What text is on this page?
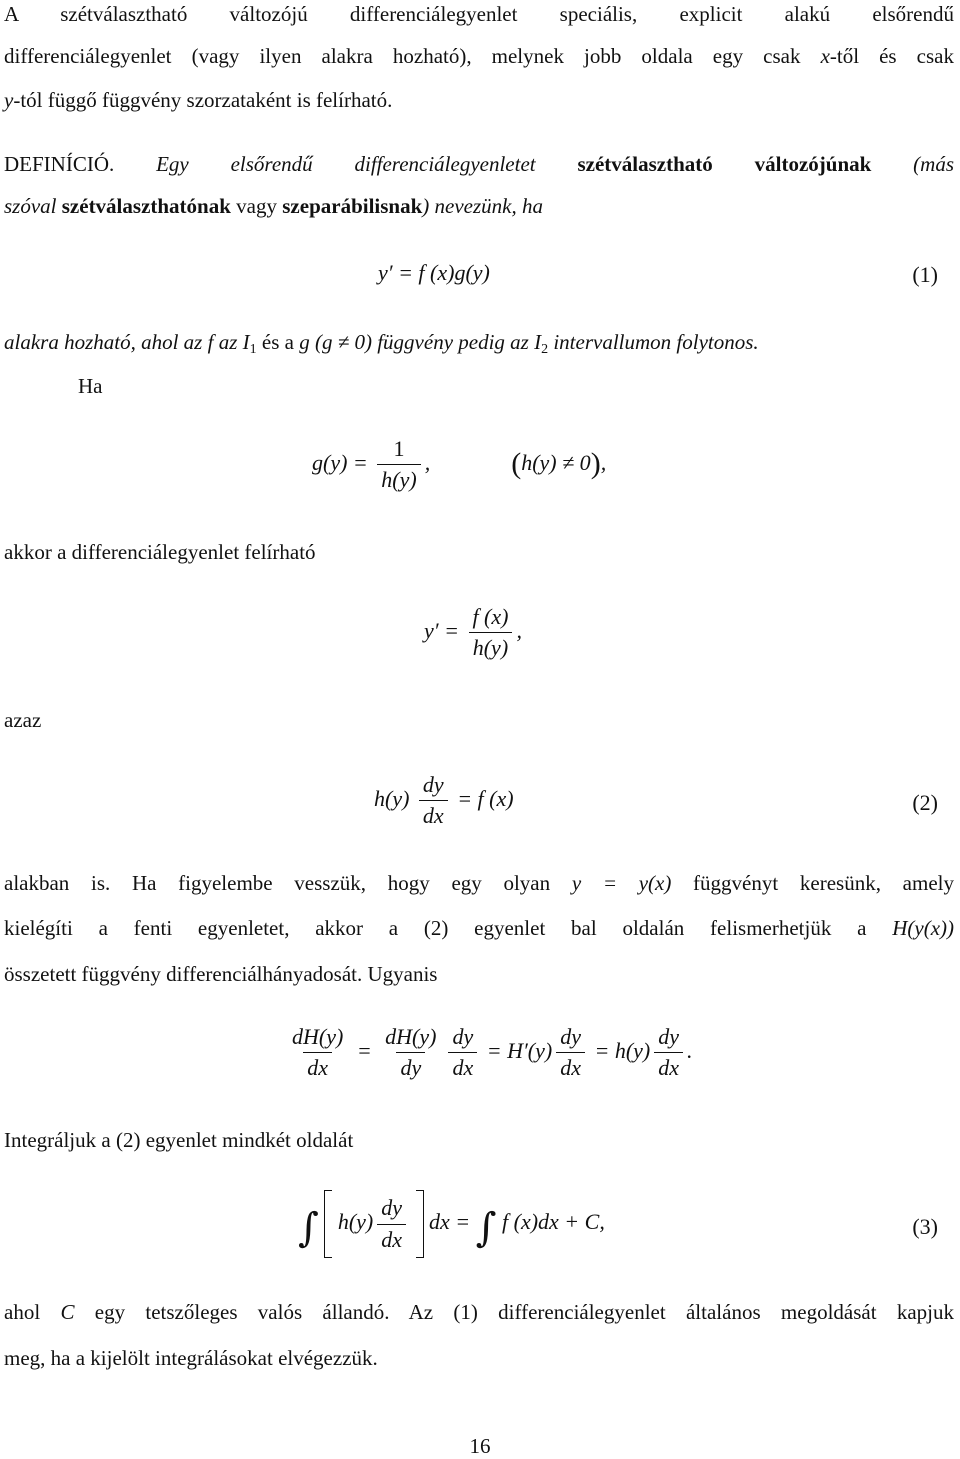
A szétválasztható változójú differenciálegyenlet speciális, explicit alakú elsőrendű

differenciálegyenlet (vagy ilyen alakra hozható), melynek jobb oldala egy csak x-től és csak

y-tól függő függvény szorzataként is felírható.

DEFINÍCIÓ. Egy elsőrendű differenciálegyenletet szétválasztható változójúnak (más

szóval szétválaszthatónak vagy szeparábilisnak) nevezünk, ha

y′ = f (x)g(y)	(1)

alakra hozható, ahol az f az $I_1$ és a g (g ≠ 0) függvény pedig az $I_2$ intervallumon folytonos.

Ha

$g(y) = \frac{1}{h(y)}$ ,	(h(y) ≠ 0),

akkor a differenciálegyenlet felírható

$y' = \frac{f (x)}{h(y)}$ ,

azaz

$h(y) \frac{dy}{dx} = f$ (x)	(2)

alakban is. Ha figyelembe vesszük, hogy egy olyan y = y(x) függvényt keresünk, amely

kielégíti a fenti egyenletet, akkor a (2) egyenlet bal oldalán felismerhetjük a H(y(x))

összetett függvény differenciálhányadosát. Ugyanis

$\frac{dH(y)}{dx} = \frac{dH(y)}{dy} \frac{dy}{dx} = H'(y) \frac{dy}{dx} = h(y) \frac{dy}{dx}$ .

Integráljuk a (2) egyenlet mindkét oldalát

∫ $h(y) \frac{dy}{dx}$ dx = ∫ f (x)dx + C,	(3)

ahol C egy tetszőleges valós állandó. Az (1) differenciálegyenlet általános megoldását kapjuk

meg, ha a kijelölt integrálásokat elvégezzük.

16
